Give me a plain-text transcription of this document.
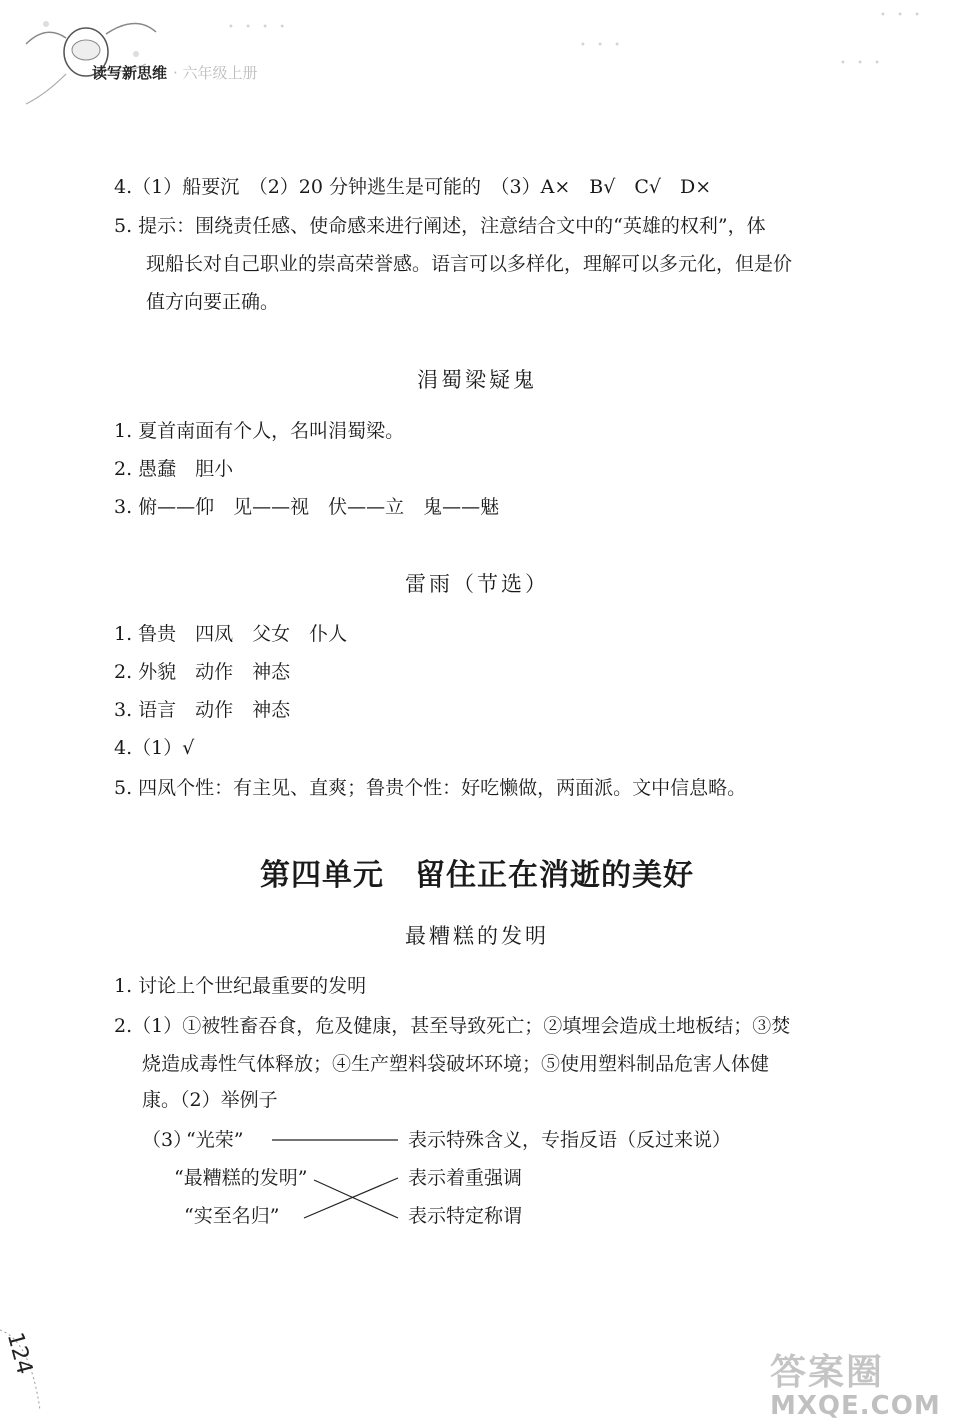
读写新思维 · 六年级上册
• • • •
• • •
• • •
• • •
4.（1）船要沉　（2）20 分钟逃生是可能的　（3）A×　B√　C√　D×
5. 提示：围绕责任感、使命感来进行阐述，注意结合文中的“英雄的权利”，体
现船长对自己职业的崇高荣誉感。语言可以多样化，理解可以多元化，但是价
值方向要正确。
涓蜀梁疑鬼
1. 夏首南面有个人，名叫涓蜀梁。
2. 愚蠢　胆小
3. 俯——仰　见——视　伏——立　鬼——魅
雷雨（节选）
1. 鲁贵　四凤　父女　仆人
2. 外貌　动作　神态
3. 语言　动作　神态
4.（1）√
5. 四凤个性：有主见、直爽；鲁贵个性：好吃懒做，两面派。文中信息略。
第四单元　留住正在消逝的美好
最糟糕的发明
1. 讨论上个世纪最重要的发明
2.（1）①被牲畜吞食，危及健康，甚至导致死亡；②填埋会造成土地板结；③焚
烧造成毒性气体释放；④生产塑料袋破坏环境；⑤使用塑料制品危害人体健
康。（2）举例子
（3）
“光荣”
“最糟糕的发明”
“实至名归”
表示特殊含义，专指反语（反过来说）
表示着重强调
表示特定称谓
124	答案圈
MXQE.COM
